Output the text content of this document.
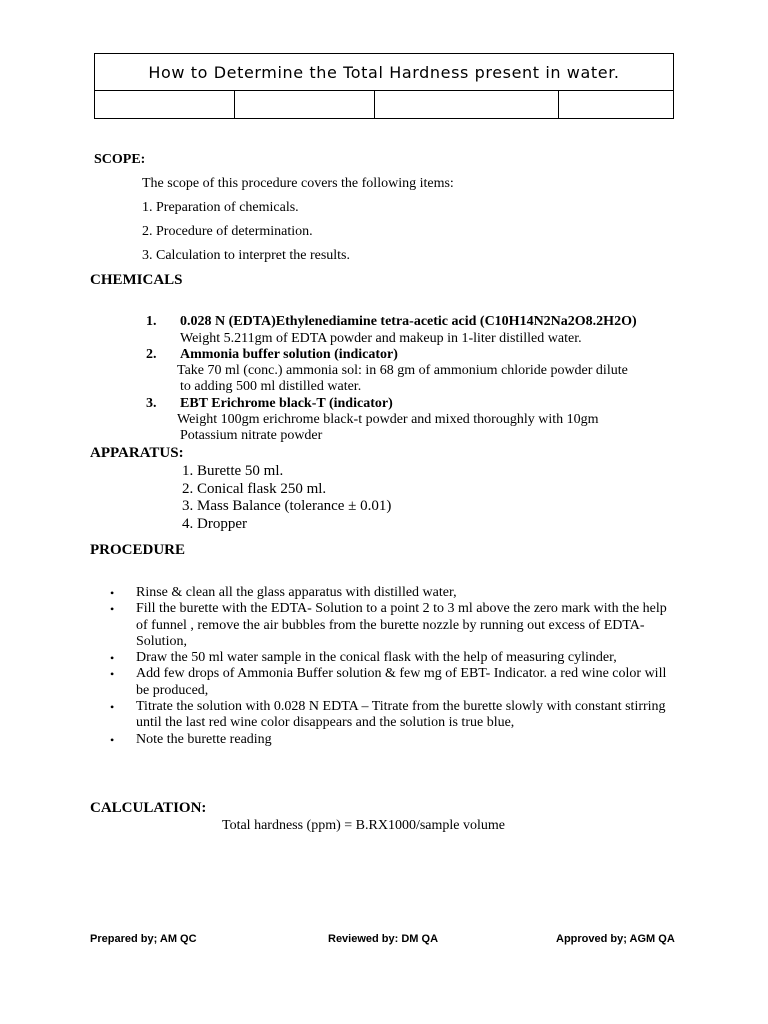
How to Determine the Total Hardness present in water.
SCOPE:
The scope of this procedure covers the following items:
1. Preparation of chemicals.
2. Procedure of determination.
3. Calculation to interpret the results.
CHEMICALS
1. 0.028 N (EDTA)Ethylenediamine tetra-acetic acid (C10H14N2Na2O8.2H2O)
Weight 5.211gm of EDTA powder and makeup in 1-liter distilled water.
2. Ammonia buffer solution (indicator)
Take 70 ml (conc.) ammonia sol: in 68 gm of ammonium chloride powder dilute
to adding 500 ml distilled water.
3. EBT Erichrome black-T (indicator)
Weight 100gm erichrome black-t powder and mixed thoroughly with 10gm
Potassium nitrate powder
APPARATUS:
1. Burette 50 ml.
2. Conical flask 250 ml.
3. Mass Balance (tolerance ± 0.01)
4. Dropper
PROCEDURE
• Rinse & clean all the glass apparatus with distilled water,
• Fill the burette with the EDTA- Solution to a point 2 to 3 ml above the zero mark with the help
of funnel , remove the air bubbles from the burette nozzle by running out excess of EDTA-
Solution,
• Draw the 50 ml water sample in the conical flask with the help of measuring cylinder,
• Add few drops of Ammonia Buffer solution & few mg of EBT- Indicator. a red wine color will
be produced,
• Titrate the solution with 0.028 N EDTA – Titrate from the burette slowly with constant stirring
until the last red wine color disappears and the solution is true blue,
• Note the burette reading
CALCULATION:
Total hardness (ppm) = B.RX1000/sample volume
Prepared by; AM QC	Reviewed by: DM QA	Approved by; AGM QA
